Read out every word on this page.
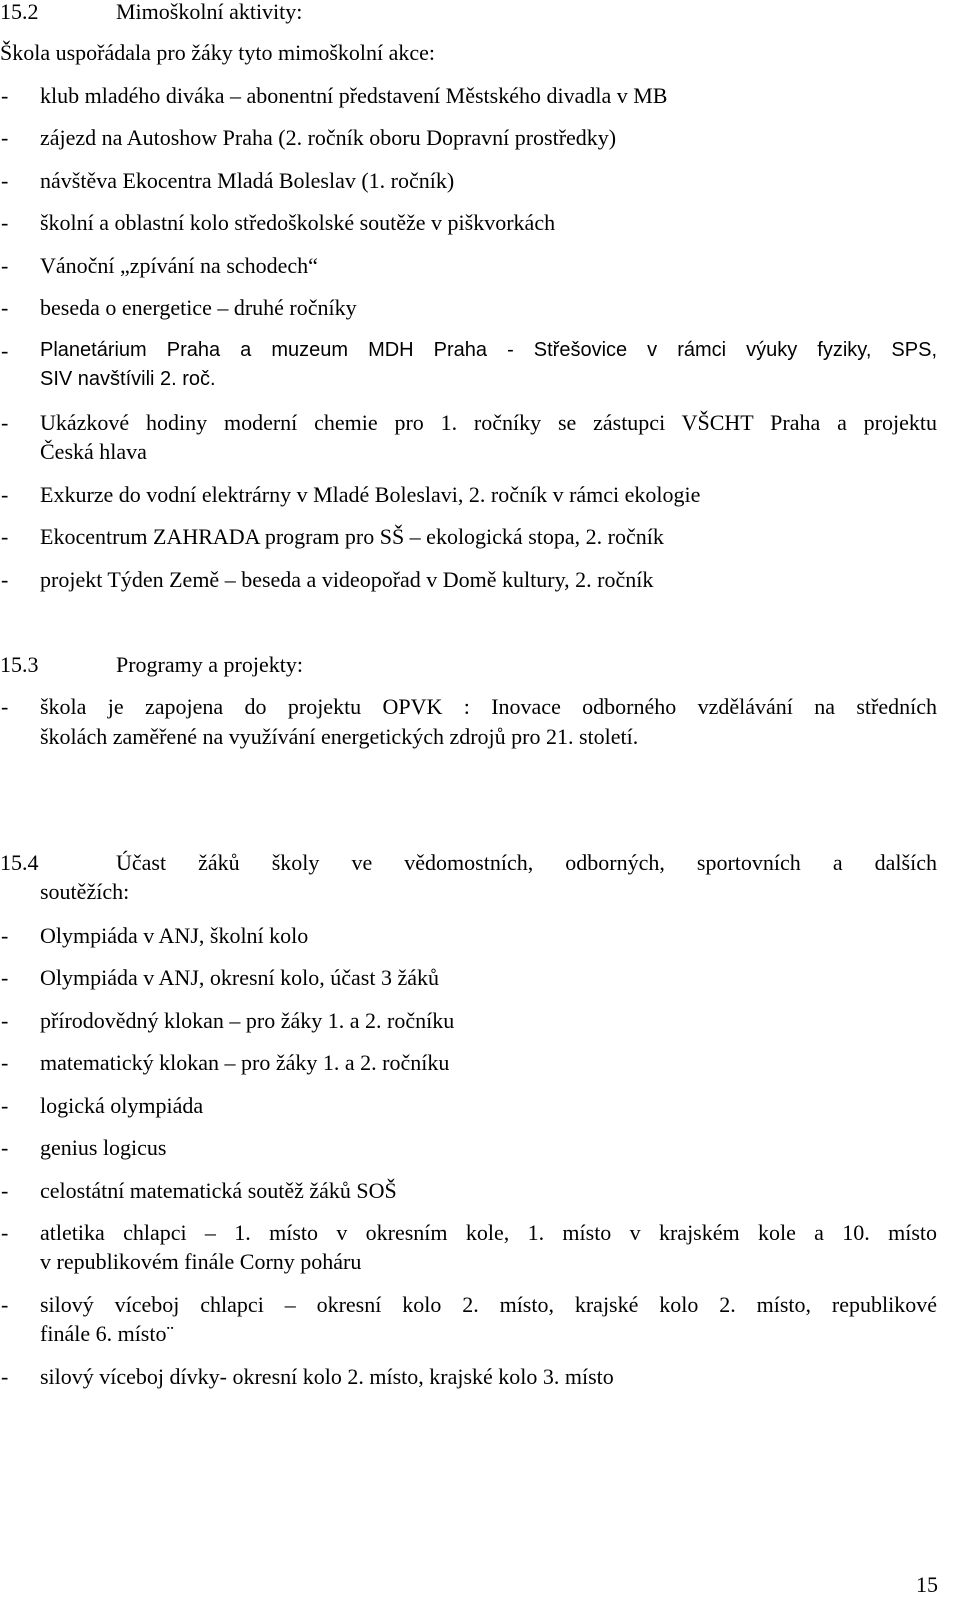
15.2	Mimoškolní aktivity:
Škola uspořádala pro žáky tyto mimoškolní akce:
- klub mladého diváka – abonentní představení Městského divadla v MB
- zájezd na Autoshow Praha (2. ročník oboru Dopravní prostředky)
- návštěva Ekocentra Mladá Boleslav (1. ročník)
- školní a oblastní kolo středoškolské soutěže v piškvorkách
- Vánoční „zpívání na schodech“
- beseda o energetice – druhé ročníky
- Planetárium Praha a muzeum MDH Praha - Střešovice v rámci výuky fyziky, SPS,
SIV navštívili 2. roč.
- Ukázkové hodiny moderní chemie pro 1. ročníky se zástupci VŠCHT Praha a projektu
Česká hlava
- Exkurze do vodní elektrárny v Mladé Boleslavi, 2. ročník v rámci ekologie
- Ekocentrum ZAHRADA program pro SŠ – ekologická stopa, 2. ročník
- projekt Týden Země – beseda a videopořad v Domě kultury, 2. ročník
15.3	Programy a projekty:
- škola je zapojena do projektu OPVK : Inovace odborného vzdělávání na středních
školách zaměřené na využívání energetických zdrojů pro 21. století.
15.4	Účast žáků školy ve vědomostních, odborných, sportovních a dalších
soutěžích:
- Olympiáda v ANJ, školní kolo
- Olympiáda v ANJ, okresní kolo, účast 3 žáků
- přírodovědný klokan – pro žáky 1. a 2. ročníku
- matematický klokan – pro žáky 1. a 2. ročníku
- logická olympiáda
- genius logicus
- celostátní matematická soutěž žáků SOŠ
- atletika chlapci – 1. místo v okresním kole, 1. místo v krajském kole a 10. místo
v republikovém finále Corny poháru
- silový víceboj chlapci – okresní kolo 2. místo, krajské kolo 2. místo, republikové
finále 6. místo¨
- silový víceboj dívky- okresní kolo 2. místo, krajské kolo 3. místo
15
